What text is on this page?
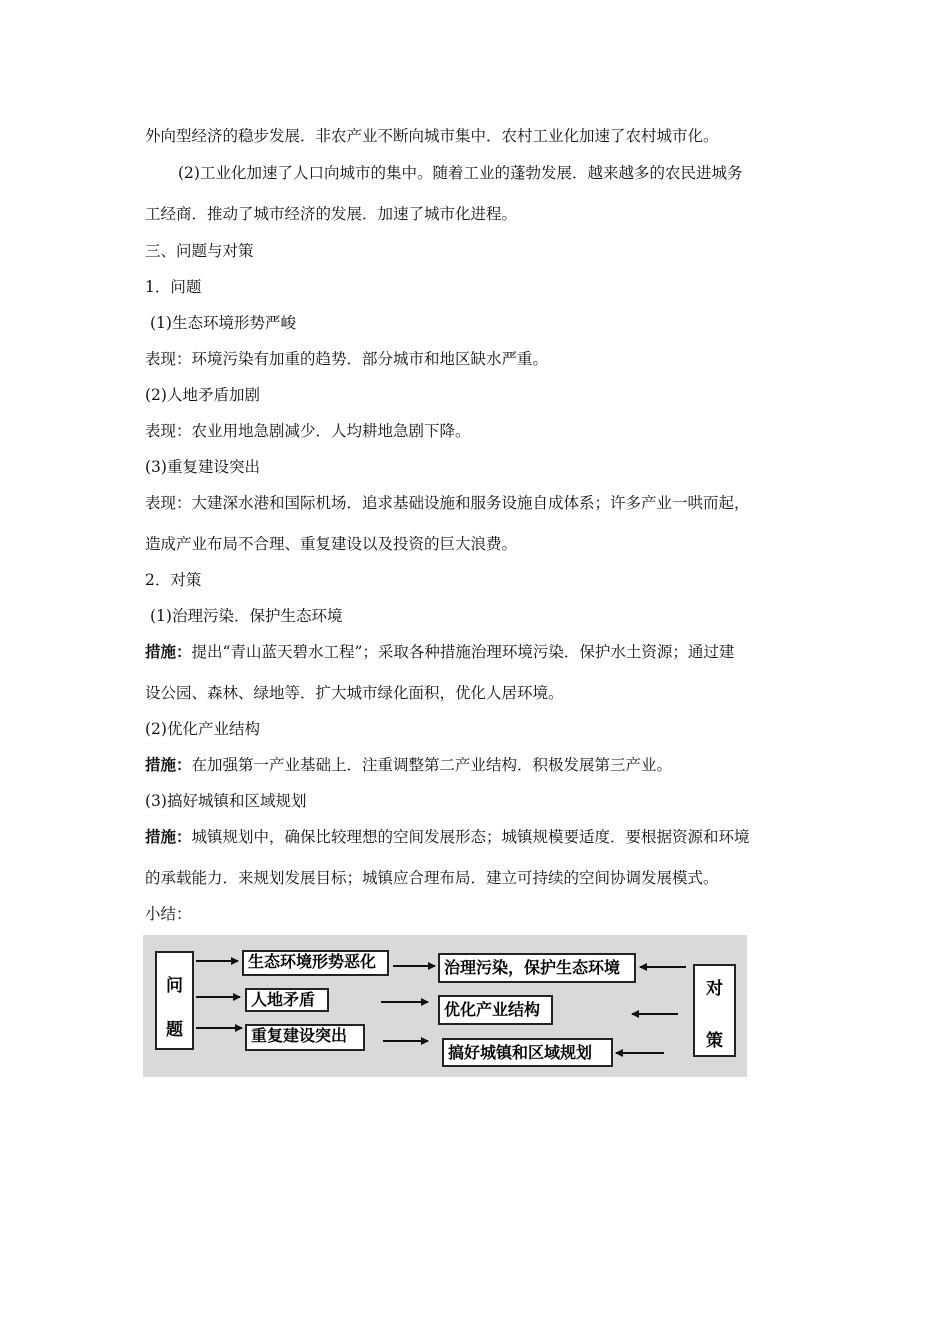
外向型经济的稳步发展．非农产业不断向城市集中．农村工业化加速了农村城市化。
(2)工业化加速了人口向城市的集中。随着工业的蓬勃发展．越来越多的农民进城务
工经商．推动了城市经济的发展．加速了城市化进程。
三、问题与对策
1．问题
(1)生态环境形势严峻
表现：环境污染有加重的趋势．部分城市和地区缺水严重。
(2)人地矛盾加剧
表现：农业用地急剧减少．人均耕地急剧下降。
(3)重复建设突出
表现：大建深水港和国际机场．追求基础设施和服务设施自成体系；许多产业一哄而起，
造成产业布局不合理、重复建设以及投资的巨大浪费。
2．对策
(1)治理污染．保护生态环境
措施：提出“青山蓝天碧水工程”；采取各种措施治理环境污染．保护水土资源；通过建
设公园、森林、绿地等．扩大城市绿化面积，优化人居环境。
(2)优化产业结构
措施：在加强第一产业基础上．注重调整第二产业结构．积极发展第三产业。
(3)搞好城镇和区域规划
措施：城镇规划中，确保比较理想的空间发展形态；城镇规模要适度．要根据资源和环境
的承载能力．来规划发展目标；城镇应合理布局．建立可持续的空间协调发展模式。
小结：
问
题
生态环境形势恶化
人地矛盾
重复建设突出
治理污染，保护生态环境
优化产业结构
搞好城镇和区域规划
对
策
